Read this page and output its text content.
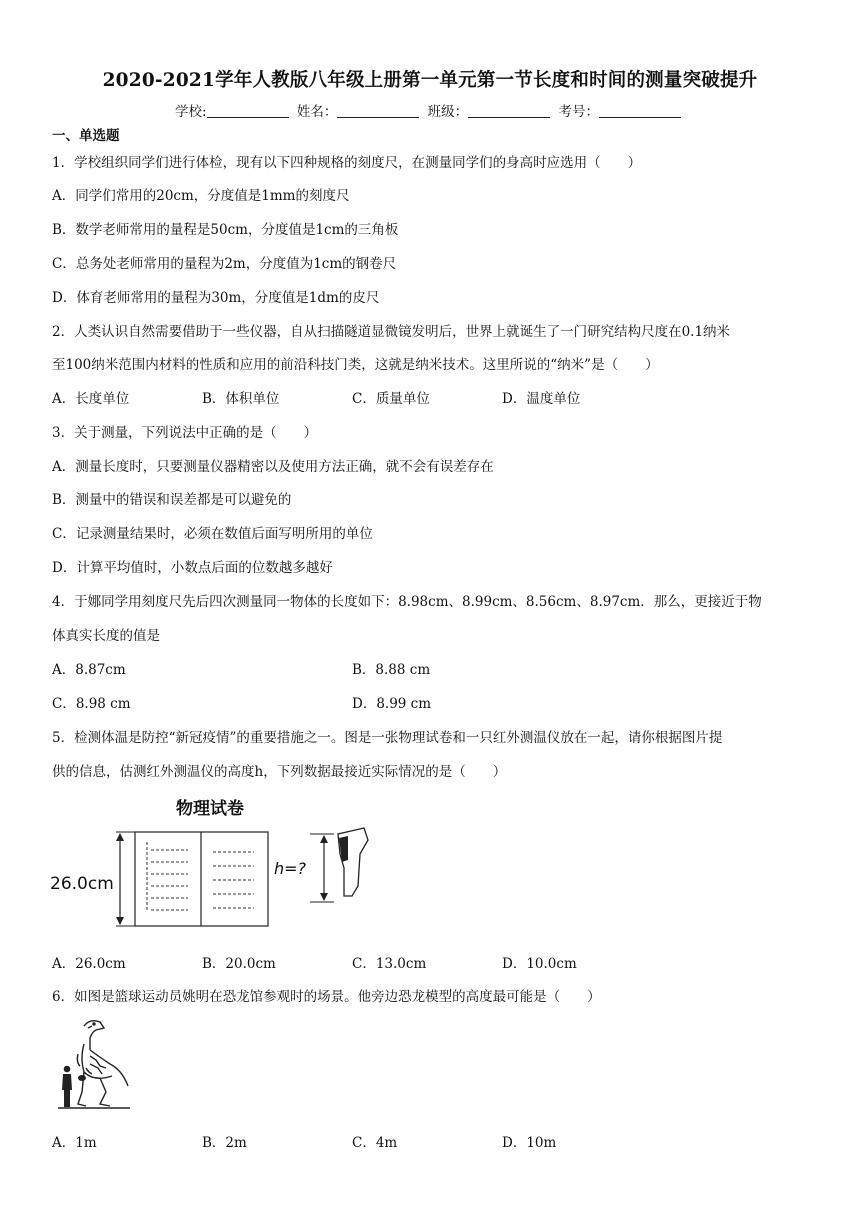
2020-2021学年人教版八年级上册第一单元第一节长度和时间的测量突破提升
学校:	姓名：	班级：	考号：
一、单选题
1．学校组织同学们进行体检，现有以下四种规格的刻度尺，在测量同学们的身高时应选用（　　）
A．同学们常用的20cm，分度值是1mm的刻度尺
B．数学老师常用的量程是50cm，分度值是1cm的三角板
C．总务处老师常用的量程为2m，分度值为1cm的钢卷尺
D．体育老师常用的量程为30m，分度值是1dm的皮尺
2．人类认识自然需要借助于一些仪器，自从扫描隧道显微镜发明后，世界上就诞生了一门研究结构尺度在0.1纳米
至100纳米范围内材料的性质和应用的前沿科技门类，这就是纳米技术。这里所说的“纳米”是（　　）
A．长度单位	B．体积单位	C．质量单位	D．温度单位
3．关于测量，下列说法中正确的是（　　）
A．测量长度时，只要测量仪器精密以及使用方法正确，就不会有误差存在
B．测量中的错误和误差都是可以避免的
C．记录测量结果时，必须在数值后面写明所用的单位
D．计算平均值时，小数点后面的位数越多越好
4．于娜同学用刻度尺先后四次测量同一物体的长度如下：8.98cm、8.99cm、8.56cm、8.97cm．那么，更接近于物
体真实长度的值是
A．8.87cm	B．8.88 cm
C．8.98 cm	D．8.99 cm
5．检测体温是防控“新冠疫情”的重要措施之一。图是一张物理试卷和一只红外测温仪放在一起，请你根据图片提
供的信息，估测红外测温仪的高度h，下列数据最接近实际情况的是（　　）
物理试卷
26.0cm
h=?
A．26.0cm	B．20.0cm	C．13.0cm	D．10.0cm
6．如图是篮球运动员姚明在恐龙馆参观时的场景。他旁边恐龙模型的高度最可能是（　　）
A．1m	B．2m	C．4m	D．10m
